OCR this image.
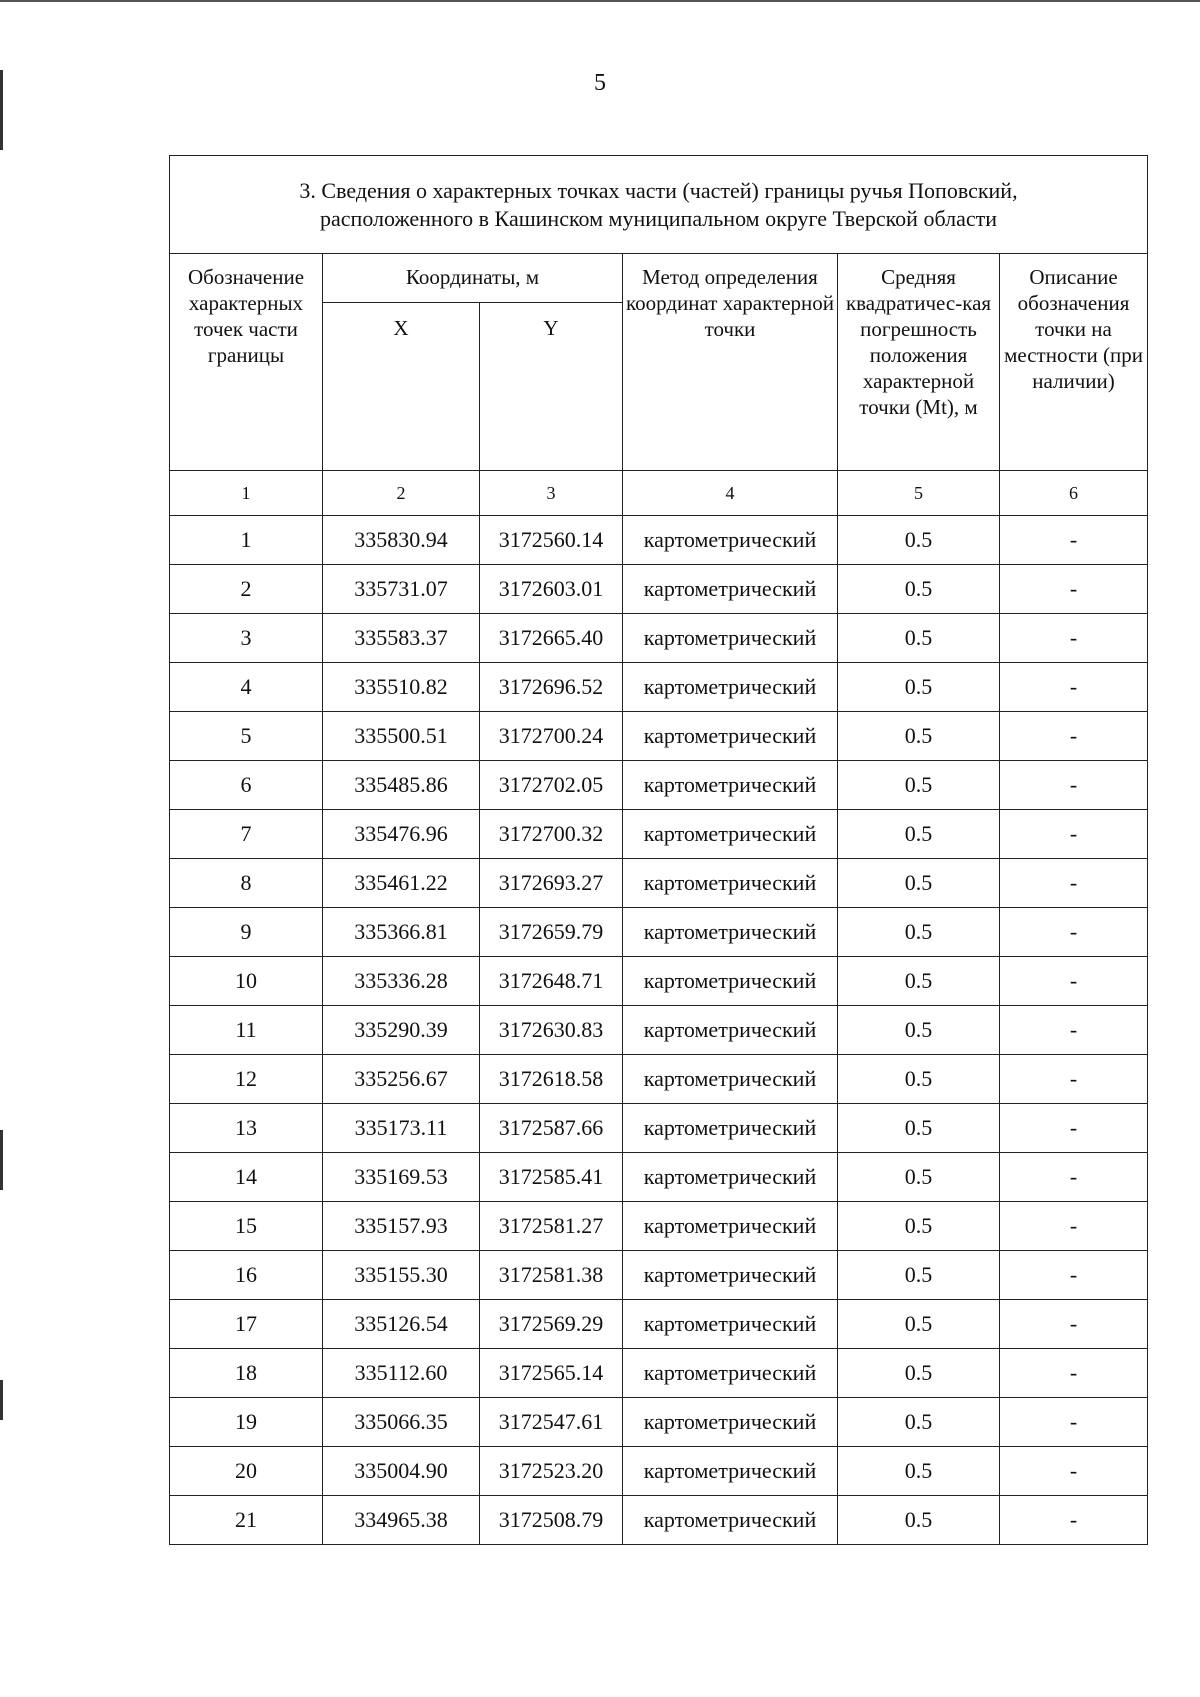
5
3. Сведения о характерных точках части (частей) границы ручья Поповский,
расположенного в Кашинском муниципальном округе Тверской области					

Обозначение характерных точек части границы	Координаты, м		Метод определения координат характерной точки	Средняя квадратичес-кая погрешность положения характерной точки (Mt), м	Описание обозначения точки на местности (при наличии)
	X	Y			
1	2	3	4	5	6
1	335830.94	3172560.14	картометрический	0.5	-
2	335731.07	3172603.01	картометрический	0.5	-
3	335583.37	3172665.40	картометрический	0.5	-
4	335510.82	3172696.52	картометрический	0.5	-
5	335500.51	3172700.24	картометрический	0.5	-
6	335485.86	3172702.05	картометрический	0.5	-
7	335476.96	3172700.32	картометрический	0.5	-
8	335461.22	3172693.27	картометрический	0.5	-
9	335366.81	3172659.79	картометрический	0.5	-
10	335336.28	3172648.71	картометрический	0.5	-
11	335290.39	3172630.83	картометрический	0.5	-
12	335256.67	3172618.58	картометрический	0.5	-
13	335173.11	3172587.66	картометрический	0.5	-
14	335169.53	3172585.41	картометрический	0.5	-
15	335157.93	3172581.27	картометрический	0.5	-
16	335155.30	3172581.38	картометрический	0.5	-
17	335126.54	3172569.29	картометрический	0.5	-
18	335112.60	3172565.14	картометрический	0.5	-
19	335066.35	3172547.61	картометрический	0.5	-
20	335004.90	3172523.20	картометрический	0.5	-
21	334965.38	3172508.79	картометрический	0.5	-
